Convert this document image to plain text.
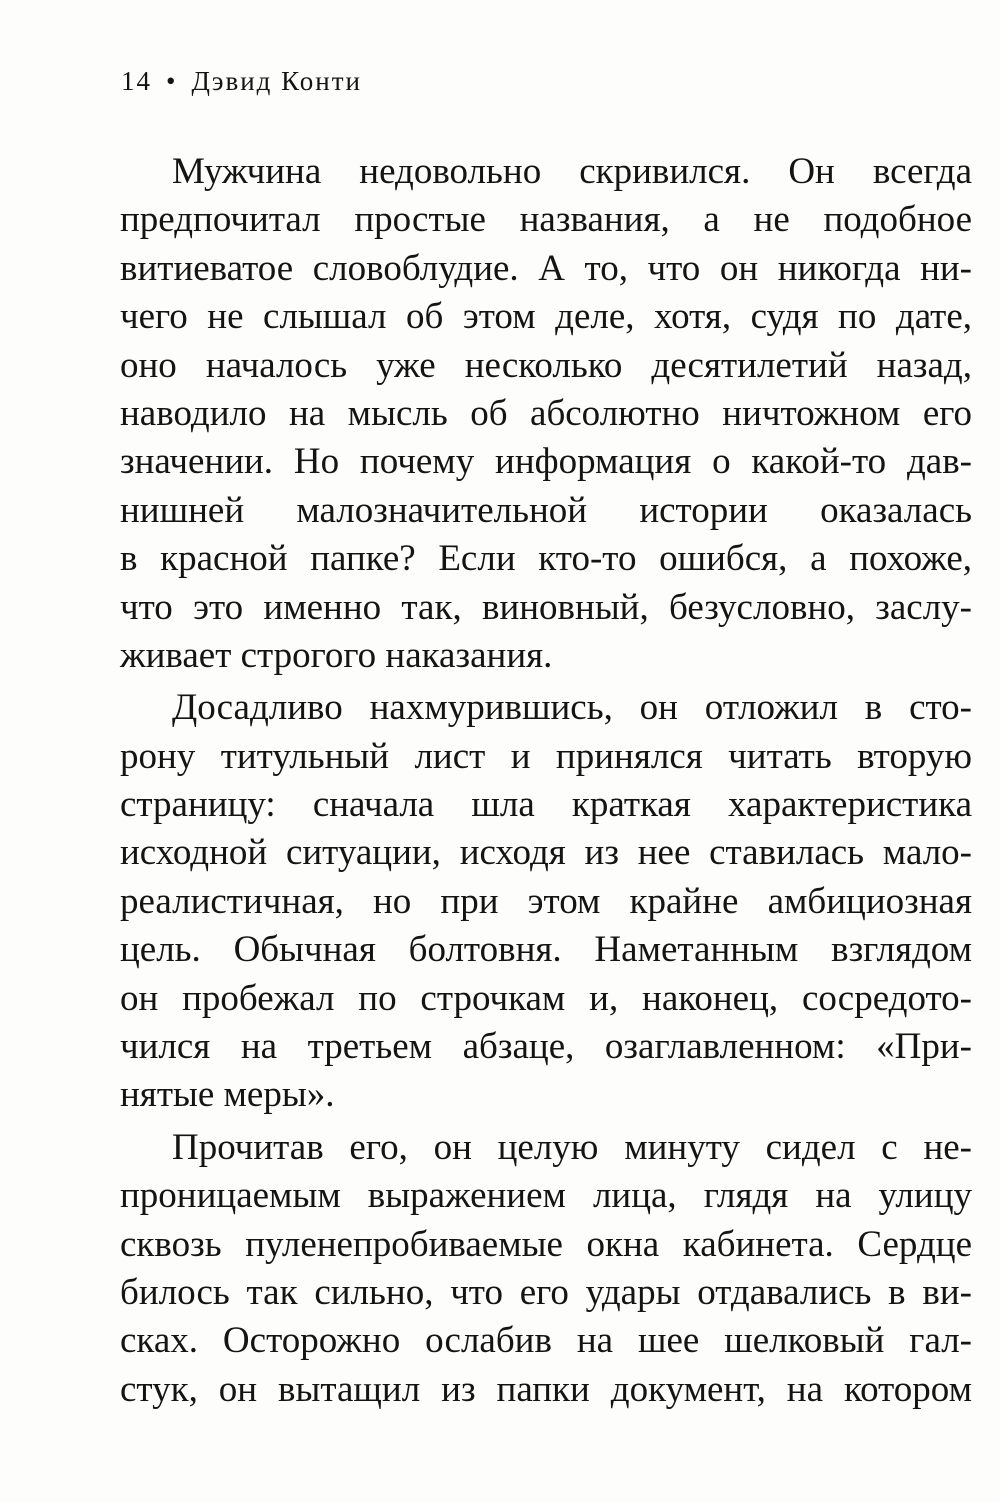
14 • Дэвид Конти
Мужчина недовольно скривился. Он всегда
предпочитал простые названия, а не подобное
витиеватое словоблудие. А то, что он никогда ни-
чего не слышал об этом деле, хотя, судя по дате,
оно началось уже несколько десятилетий назад,
наводило на мысль об абсолютно ничтожном его
значении. Но почему информация о какой-то дав-
нишней малозначительной истории оказалась
в красной папке? Если кто-то ошибся, а похоже,
что это именно так, виновный, безусловно, заслу-
живает строгого наказания.
Досадливо нахмурившись, он отложил в сто-
рону титульный лист и принялся читать вторую
страницу: сначала шла краткая характеристика
исходной ситуации, исходя из нее ставилась мало-
реалистичная, но при этом крайне амбициозная
цель. Обычная болтовня. Наметанным взглядом
он пробежал по строчкам и, наконец, сосредото-
чился на третьем абзаце, озаглавленном: «При-
нятые меры».
Прочитав его, он целую минуту сидел с не-
проницаемым выражением лица, глядя на улицу
сквозь пуленепробиваемые окна кабинета. Сердце
билось так сильно, что его удары отдавались в ви-
сках. Осторожно ослабив на шее шелковый гал-
стук, он вытащил из папки документ, на котором
